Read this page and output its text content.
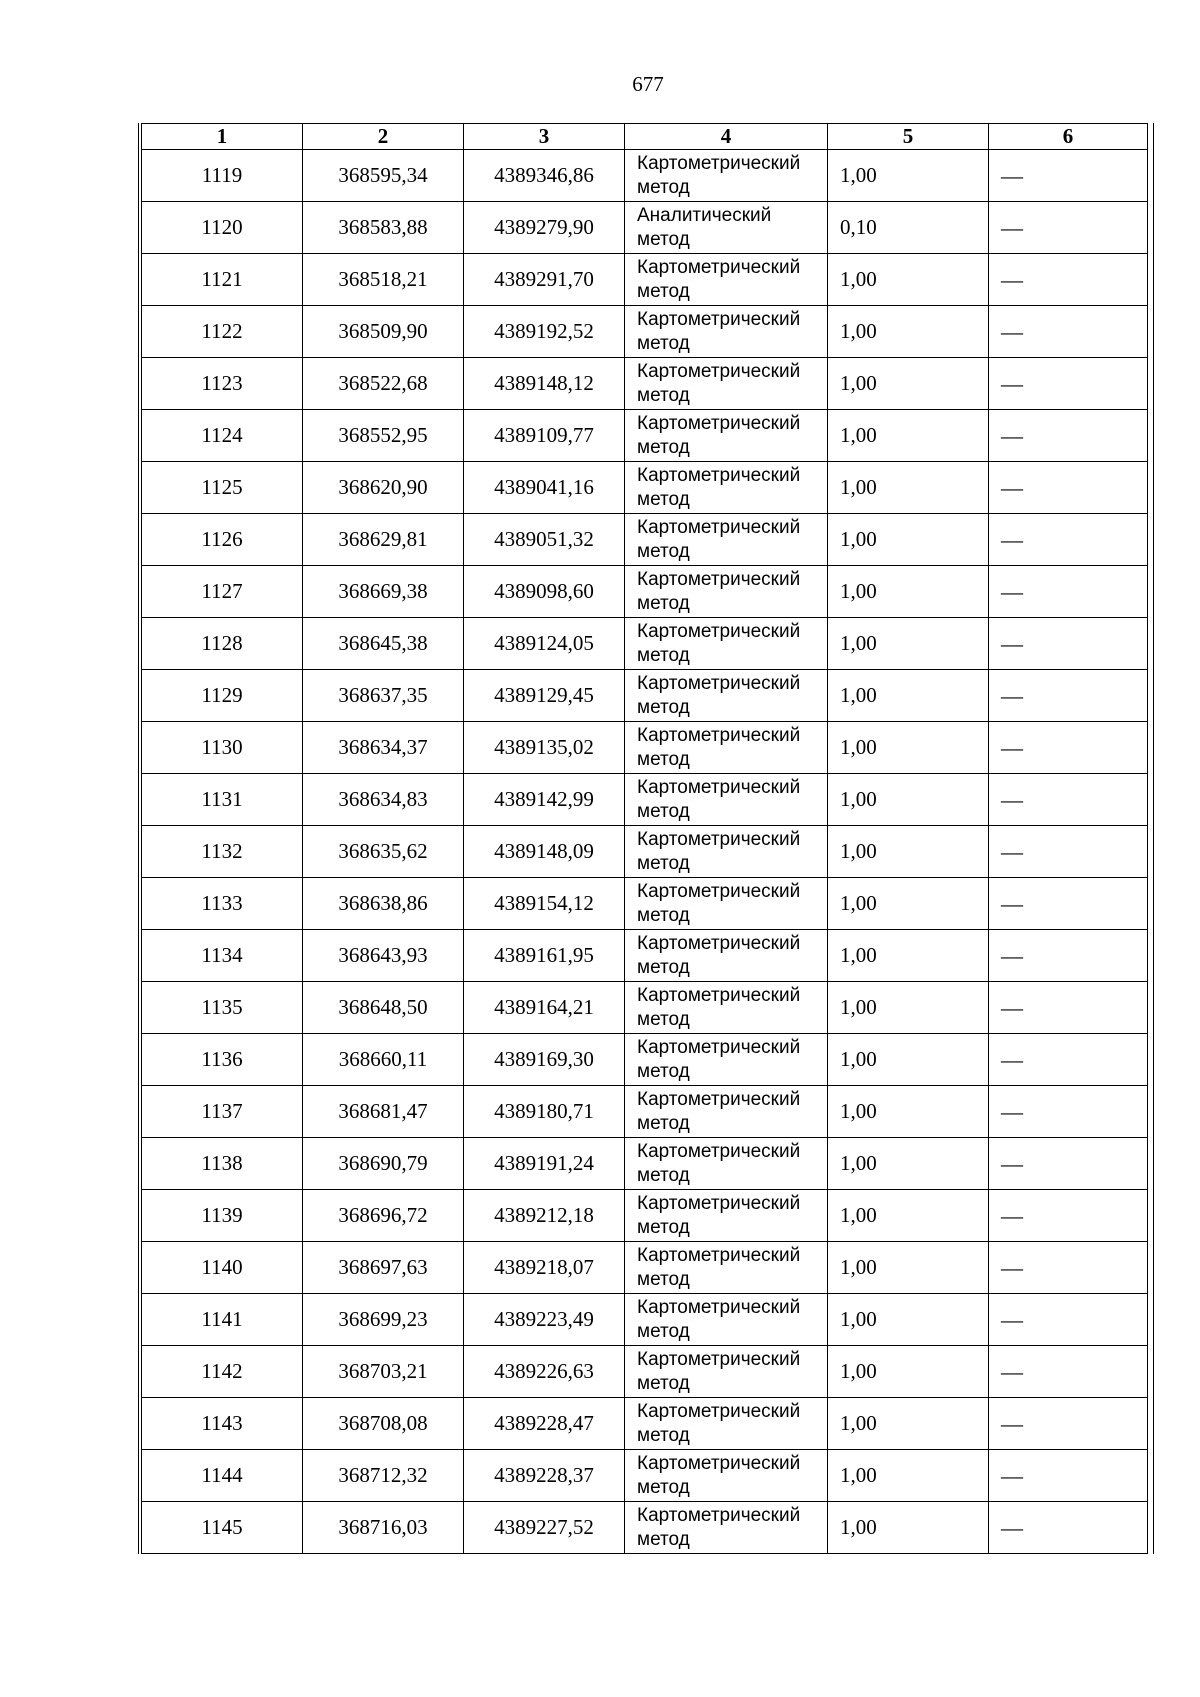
677
1	2	3	4	5	6
1119	368595,34	4389346,86	Картометрический
метод	1,00	—
1120	368583,88	4389279,90	Аналитический
метод	0,10	—
1121	368518,21	4389291,70	Картометрический
метод	1,00	—
1122	368509,90	4389192,52	Картометрический
метод	1,00	—
1123	368522,68	4389148,12	Картометрический
метод	1,00	—
1124	368552,95	4389109,77	Картометрический
метод	1,00	—
1125	368620,90	4389041,16	Картометрический
метод	1,00	—
1126	368629,81	4389051,32	Картометрический
метод	1,00	—
1127	368669,38	4389098,60	Картометрический
метод	1,00	—
1128	368645,38	4389124,05	Картометрический
метод	1,00	—
1129	368637,35	4389129,45	Картометрический
метод	1,00	—
1130	368634,37	4389135,02	Картометрический
метод	1,00	—
1131	368634,83	4389142,99	Картометрический
метод	1,00	—
1132	368635,62	4389148,09	Картометрический
метод	1,00	—
1133	368638,86	4389154,12	Картометрический
метод	1,00	—
1134	368643,93	4389161,95	Картометрический
метод	1,00	—
1135	368648,50	4389164,21	Картометрический
метод	1,00	—
1136	368660,11	4389169,30	Картометрический
метод	1,00	—
1137	368681,47	4389180,71	Картометрический
метод	1,00	—
1138	368690,79	4389191,24	Картометрический
метод	1,00	—
1139	368696,72	4389212,18	Картометрический
метод	1,00	—
1140	368697,63	4389218,07	Картометрический
метод	1,00	—
1141	368699,23	4389223,49	Картометрический
метод	1,00	—
1142	368703,21	4389226,63	Картометрический
метод	1,00	—
1143	368708,08	4389228,47	Картометрический
метод	1,00	—
1144	368712,32	4389228,37	Картометрический
метод	1,00	—
1145	368716,03	4389227,52	Картометрический
метод	1,00	—
